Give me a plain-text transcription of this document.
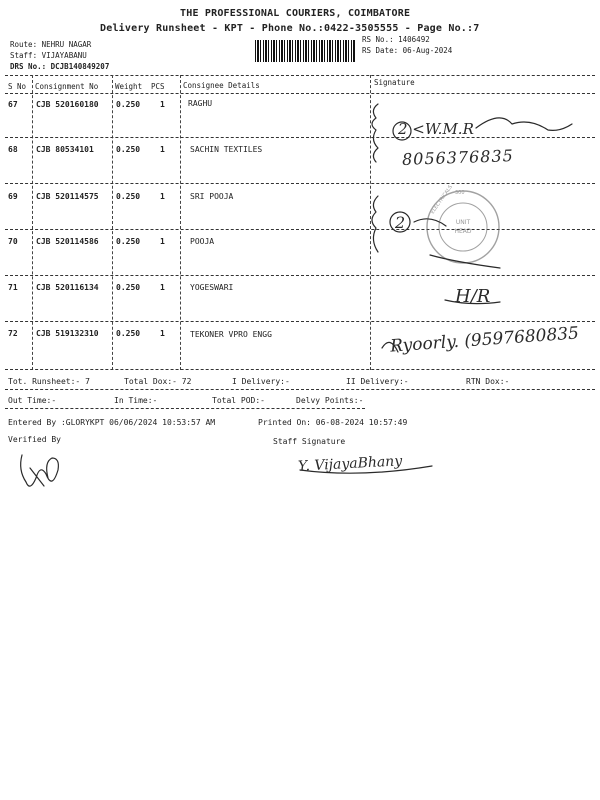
THE PROFESSIONAL COURIERS, COIMBATORE
Delivery Runsheet - KPT - Phone No.:0422-3505555 - Page No.:7
Route: NEHRU NAGAR
Staff: VIJAYABANU
DRS No.: DCJB140849207
RS No.: 1406492
RS Date: 06-Aug-2024
S No Consignment No Weight PCS Consignee Details	Signature
67 CJB 520160180 0.250 1	RAGHU
68 CJB 80534101	0.250 1	SACHIN TEXTILES
69 CJB 520114575 0.250 1	SRI POOJA
70 CJB 520114586 0.250 1	POOJA
71 CJB 520116134 0.250 1	YOGESWARI
72 CJB 519132310 0.250 1	TEKONER VPRO ENGG
Tot. Runsheet:- 7	Total Dox:- 72	I Delivery:-	II Delivery:-	RTN Dox:-
Out Time:-	In Time:-	Total POD:-	Delvy Points:-
Entered By :GLORYKPT 06/06/2024 10:53:57 AM	Printed On: 06-08-2024 10:57:49
Verified By	Staff Signature
2 <W.M.R
8056376835
2
H/R
Ryoorly. (9597680835
Y. VijayaBhany
UNIT
HEAD
ELECTRICALS 300
